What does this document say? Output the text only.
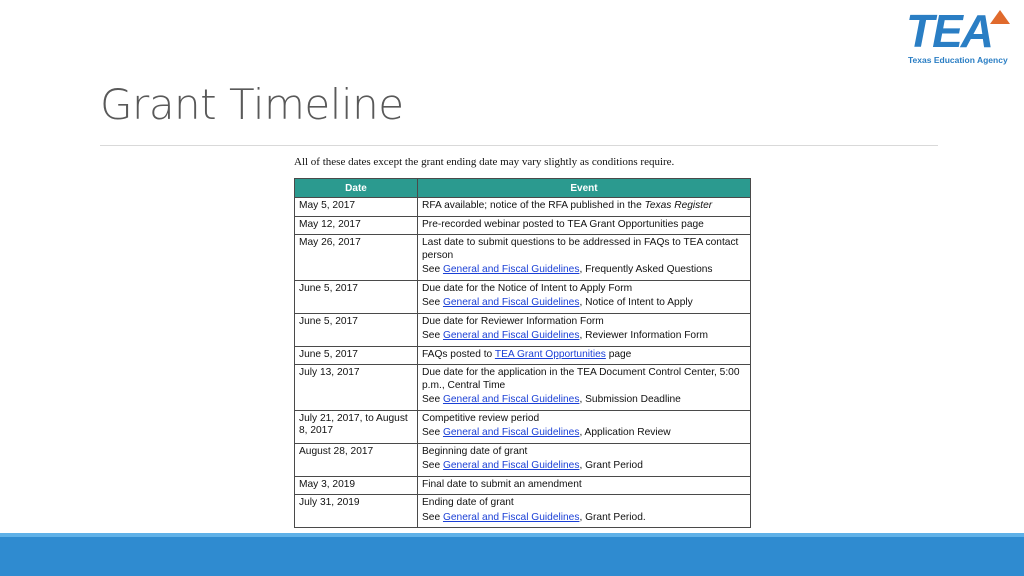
TEA
Texas Education Agency
Grant Timeline
All of these dates except the grant ending date may vary slightly as conditions require.
Date	Event
May 5, 2017	RFA available; notice of the RFA published in the Texas Register
May 12, 2017	Pre-recorded webinar posted to TEA Grant Opportunities page
May 26, 2017	Last date to submit questions to be addressed in FAQs to TEA contact person
See General and Fiscal Guidelines, Frequently Asked Questions

June 5, 2017	Due date for the Notice of Intent to Apply Form
See General and Fiscal Guidelines, Notice of Intent to Apply

June 5, 2017	Due date for Reviewer Information Form
See General and Fiscal Guidelines, Reviewer Information Form

June 5, 2017	FAQs posted to TEA Grant Opportunities page
July 13, 2017	Due date for the application in the TEA Document Control Center, 5:00 p.m., Central Time
See General and Fiscal Guidelines, Submission Deadline

July 21, 2017, to August 8, 2017	Competitive review period
See General and Fiscal Guidelines, Application Review

August 28, 2017	Beginning date of grant
See General and Fiscal Guidelines, Grant Period

May 3, 2019	Final date to submit an amendment
July 31, 2019	Ending date of grant
See General and Fiscal Guidelines, Grant Period.
